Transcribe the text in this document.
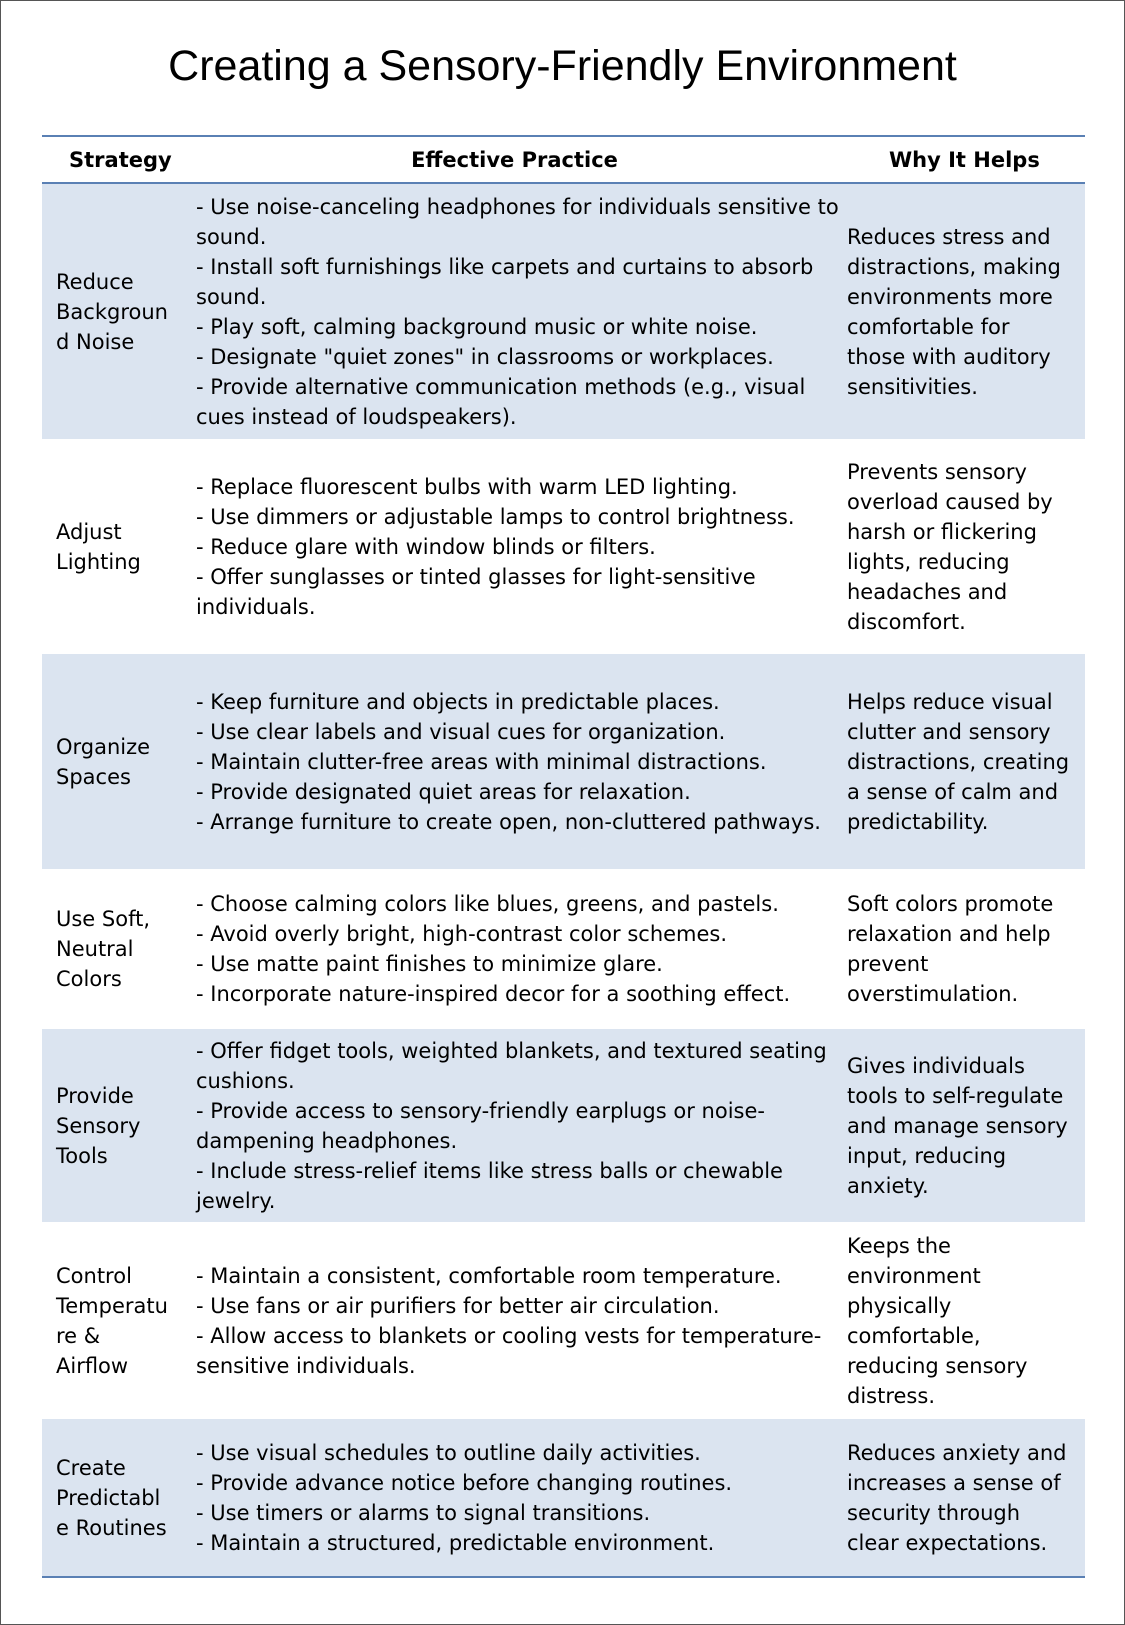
Creating a Sensory-Friendly Environment
Strategy	Effective Practice	Why It Helps
Reduce
Backgroun
d Noise
- Use noise-canceling headphones for individuals sensitive to
sound.
- Install soft furnishings like carpets and curtains to absorb
sound.
- Play soft, calming background music or white noise.
- Designate "quiet zones" in classrooms or workplaces.
- Provide alternative communication methods (e.g., visual
cues instead of loudspeakers).
Reduces stress and
distractions, making
environments more
comfortable for
those with auditory
sensitivities.
Adjust
Lighting
- Replace fluorescent bulbs with warm LED lighting.
- Use dimmers or adjustable lamps to control brightness.
- Reduce glare with window blinds or filters.
- Offer sunglasses or tinted glasses for light-sensitive
individuals.
Prevents sensory
overload caused by
harsh or flickering
lights, reducing
headaches and
discomfort.
Organize
Spaces
- Keep furniture and objects in predictable places.
- Use clear labels and visual cues for organization.
- Maintain clutter-free areas with minimal distractions.
- Provide designated quiet areas for relaxation.
- Arrange furniture to create open, non-cluttered pathways.
Helps reduce visual
clutter and sensory
distractions, creating
a sense of calm and
predictability.
Use Soft,
Neutral
Colors
- Choose calming colors like blues, greens, and pastels.
- Avoid overly bright, high-contrast color schemes.
- Use matte paint finishes to minimize glare.
- Incorporate nature-inspired decor for a soothing effect.
Soft colors promote
relaxation and help
prevent
overstimulation.
Provide
Sensory
Tools
- Offer fidget tools, weighted blankets, and textured seating
cushions.
- Provide access to sensory-friendly earplugs or noise-
dampening headphones.
- Include stress-relief items like stress balls or chewable
jewelry.
Gives individuals
tools to self-regulate
and manage sensory
input, reducing
anxiety.
Control
Temperatu
re &
Airflow
- Maintain a consistent, comfortable room temperature.
- Use fans or air purifiers for better air circulation.
- Allow access to blankets or cooling vests for temperature-
sensitive individuals.
Keeps the
environment
physically
comfortable,
reducing sensory
distress.
Create
Predictabl
e Routines
- Use visual schedules to outline daily activities.
- Provide advance notice before changing routines.
- Use timers or alarms to signal transitions.
- Maintain a structured, predictable environment.
Reduces anxiety and
increases a sense of
security through
clear expectations.
